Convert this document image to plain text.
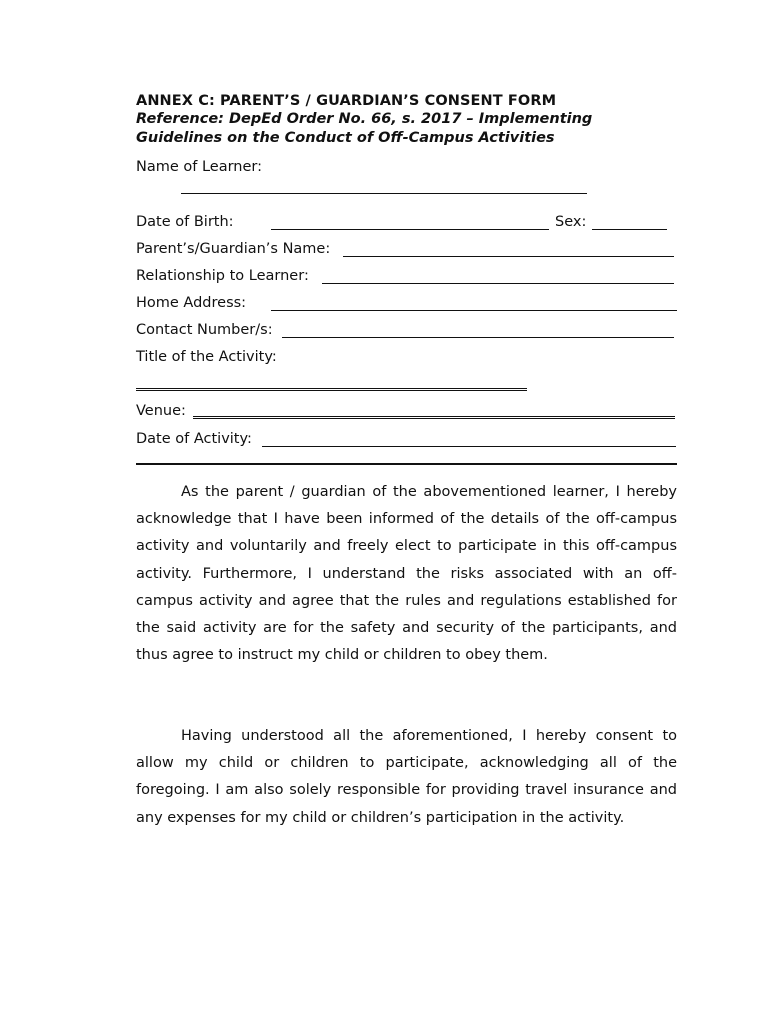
ANNEX C: PARENT’S / GUARDIAN’S CONSENT FORM
Reference: DepEd Order No. 66, s. 2017 – Implementing
Guidelines on the Conduct of Off-Campus Activities
Name of Learner:
Date of Birth:	Sex:
Parent’s/Guardian’s Name:
Relationship to Learner:
Home Address:
Contact Number/s:
Title of the Activity:
Venue:
Date of Activity:
As the parent / guardian of the abovementioned learner, I hereby acknowledge that I have been informed of the details of the off-campus activity and voluntarily and freely elect to participate in this off-campus activity. Furthermore, I understand the risks associated with an off-campus activity and agree that the rules and regulations established for the said activity are for the safety and security of the participants, and thus agree to instruct my child or children to obey them.
Having understood all the aforementioned, I hereby consent to allow my child or children to participate, acknowledging all of the foregoing. I am also solely responsible for providing travel insurance and any expenses for my child or children’s participation in the activity.
